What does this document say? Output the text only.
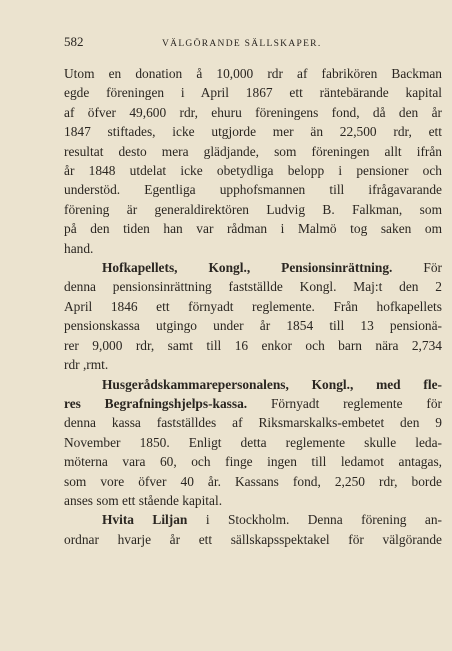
582	VÄLGÖRANDE SÄLLSKAPER.
Utom en donation å 10,000 rdr af fabrikören Backman
egde föreningen i April 1867 ett räntebärande kapital
af öfver 49,600 rdr, ehuru föreningens fond, då den år
1847 stiftades, icke utgjorde mer än 22,500 rdr, ett
resultat desto mera glädjande, som föreningen allt ifrån
år 1848 utdelat icke obetydliga belopp i pensioner och
understöd. Egentliga upphofsmannen till ifrågavarande
förening är generaldirektören Ludvig B. Falkman, som
på den tiden han var rådman i Malmö tog saken om
hand.
Hofkapellets, Kongl., Pensionsinrättning. För
denna pensionsinrättning fastställde Kongl. Maj:t den 2
April 1846 ett förnyadt reglemente. Från hofkapellets
pensionskassa utgingo under år 1854 till 13 pensionä-
rer 9,000 rdr, samt till 16 enkor och barn nära 2,734
rdr ,rmt.
Husgerådskammarepersonalens, Kongl., med fle-
res Begrafningshjelps-kassa. Förnyadt reglemente för
denna kassa fastställdes af Riksmarskalks-embetet den 9
November 1850. Enligt detta reglemente skulle leda-
möterna vara 60, och finge ingen till ledamot antagas,
som vore öfver 40 år. Kassans fond, 2,250 rdr, borde
anses som ett stående kapital.
Hvita Liljan i Stockholm. Denna förening an-
ordnar hvarje år ett sällskapsspektakel för välgörande
